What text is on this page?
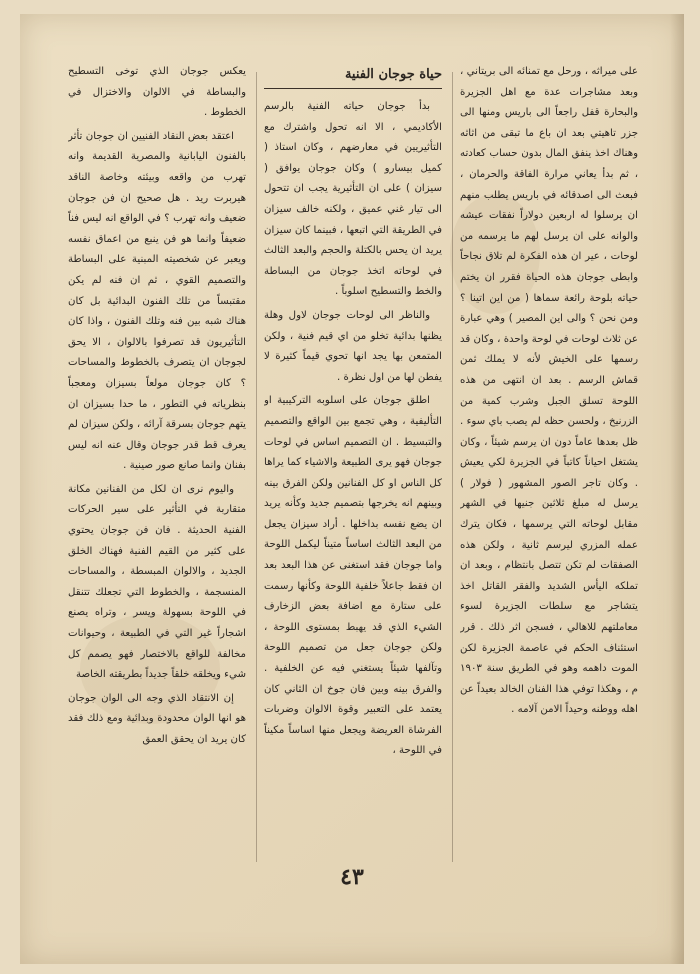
على ميراثه ، ورحل مع تمنائه الى بريتاني ، وبعد مشاجرات عدة مع اهل الجزيرة والبحارة قفل راجعاً الى باريس ومنها الى جزر تاهيتي بعد ان باع ما تبقى من اثاثه وهناك اخذ ينفق المال بدون حساب كعادته ، ثم بدأ يعاني مرارة الفاقة والحرمان ، فبعث الى اصدقائه في باريس يطلب منهم ان يرسلوا له اربعين دولاراً نفقات عيشه والوانه على ان يرسل لهم ما يرسمه من لوحات ، عير ان هذه الفكرة لم تلاق نجاحاً وابطى جوجان هذه الحياة فقرر ان يختم حياته بلوحة رائعة سماها ( من اين اتينا ؟ ومن نحن ؟ والى اين المصير ) وهي عبارة عن ثلاث لوحات في لوحة واحدة ، وكان قد رسمها على الخيش لأنه لا يملك ثمن قماش الرسم . بعد ان انتهى من هذه اللوحة تسلق الجبل وشرب كمية من الزرنيخ ، ولحسن حظه لم يصب باي سوء . ظل بعدها عاماً دون ان يرسم شيئاً ، وكان يشتغل احياناً كاتباً في الجزيرة لكي يعيش . وكان تاجر الصور المشهور ( فولار ) يرسل له مبلغ ثلاثين جنيها في الشهر مقابل لوحاته التي يرسمها ، فكان يترك عمله المزري ليرسم ثانية ، ولكن هذه الصفقات لم تكن تتصل بانتظام ، وبعد ان تملكه اليأس الشديد والفقر القاتل اخذ يتشاجر مع سلطات الجزيرة لسوء معاملتهم للاهالي ، فسجن اثر ذلك . قرر استئناف الحكم في عاصمة الجزيرة لكن الموت داهمه وهو في الطريق سنة ١٩٠٣ م ، وهكذا توفي هذا الفنان الخالد بعيداً عن اهله ووطنه وحيداً الامن آلامه .

حياة جوجان الفنية

بدأ جوجان حياته الفنية بالرسم الأكاديمي ، الا انه تحول واشترك مع التأثيريين في معارضهم ، وكان استاذ ( كميل بيسارو ) وكان جوجان يوافق ( سيزان ) على ان التأثيرية يجب ان تتحول الى تيار غني عميق ، ولكنه خالف سيزان في الطريقة التي اتبعها ، فبينما كان سيزان يريد ان يحس بالكتلة والحجم والبعد الثالث في لوحاته اتخذ جوجان من البساطة والخط والتسطيح اسلوباً .

والناظر الى لوحات جوجان لاول وهلة يظنها بدائية تخلو من اي قيم فنية ، ولكن المتمعن بها يجد انها تحوي قيماً كثيرة لا يفطن لها من اول نظرة .

اطلق جوجان على اسلوبه التركيبية او التأليفية ، وهي تجمع بين الواقع والتصميم والتبسيط . ان التصميم اساس في لوحات جوجان فهو يرى الطبيعة والاشياء كما يراها كل الناس او كل الفنانين ولكن الفرق بينه وبينهم انه يخرجها بتصميم جديد وكأنه يريد ان يضع نفسه بداخلها . أراد سيزان يجعل من البعد الثالث اساساً متيناً ليكمل اللوحة واما جوجان فقد استغنى عن هذا البعد بعد ان فقط جاعلاً خلفية اللوحة وكأنها رسمت على ستارة مع اضافة بعض الزخارف الشيء الذي قد يهبط بمستوى اللوحة ، ولكن جوجان جعل من تصميم اللوحة وتآلفها شيئاً يستغني فيه عن الخلفية . والفرق بينه وبين فان جوخ ان الثاني كان يعتمد على التعبير وقوة الالوان وضربات الفرشاة العريضة ويجعل منها اساساً مكيناً في اللوحة ،

يعكس جوجان الذي توخى التسطيح والبساطة في الالوان والاختزال في الخطوط .

اعتقد بعض النقاد الفنيين ان جوجان تأثر بالفنون اليابانية والمصرية القديمة وانه تهرب من واقعه وبيئته وخاصة الناقد هيربرت ريد . هل صحيح ان فن جوجان ضعيف وانه تهرب ؟ في الواقع انه ليس فناً ضعيفاً وانما هو فن ينبع من اعماق نفسه ويعبر عن شخصيته المبنية على البساطة والتصميم القوي ، ثم ان فنه لم يكن مقتبساً من تلك الفنون البدائية بل كان هناك شبه بين فنه وتلك الفنون ، واذا كان التأثيريون قد تصرفوا بالالوان ، الا يحق لجوجان ان يتصرف بالخطوط والمساحات ؟ كان جوجان مولعاً بسيزان ومعجباً بنظرياته في التطور ، ما حدا بسيزان ان يتهم جوجان بسرقة آرائه ، ولكن سيزان لم يعرف قط قدر جوجان وقال عنه انه ليس بفنان وانما صانع صور صينية .

واليوم نرى ان لكل من الفنانين مكانة متقاربة في التأثير على سير الحركات الفنية الحديثة . فان فن جوجان يحتوي على كثير من القيم الفنية فهناك الخلق الجديد ، والالوان المبسطة ، والمساحات المنسجمة ، والخطوط التي تجعلك تتنقل في اللوحة بسهولة ويسر ، وتراه يصنع اشجاراً غير التي في الطبيعة ، وحيوانات مخالفة للواقع بالاختصار فهو يصمم كل شيء ويخلقه خلقاً جديداً بطريقته الخاصة

إن الانتقاد الذي وجه الى الوان جوجان هو انها الوان محدودة وبدائية ومع ذلك فقد كان يريد ان يحقق العمق

٤٣
